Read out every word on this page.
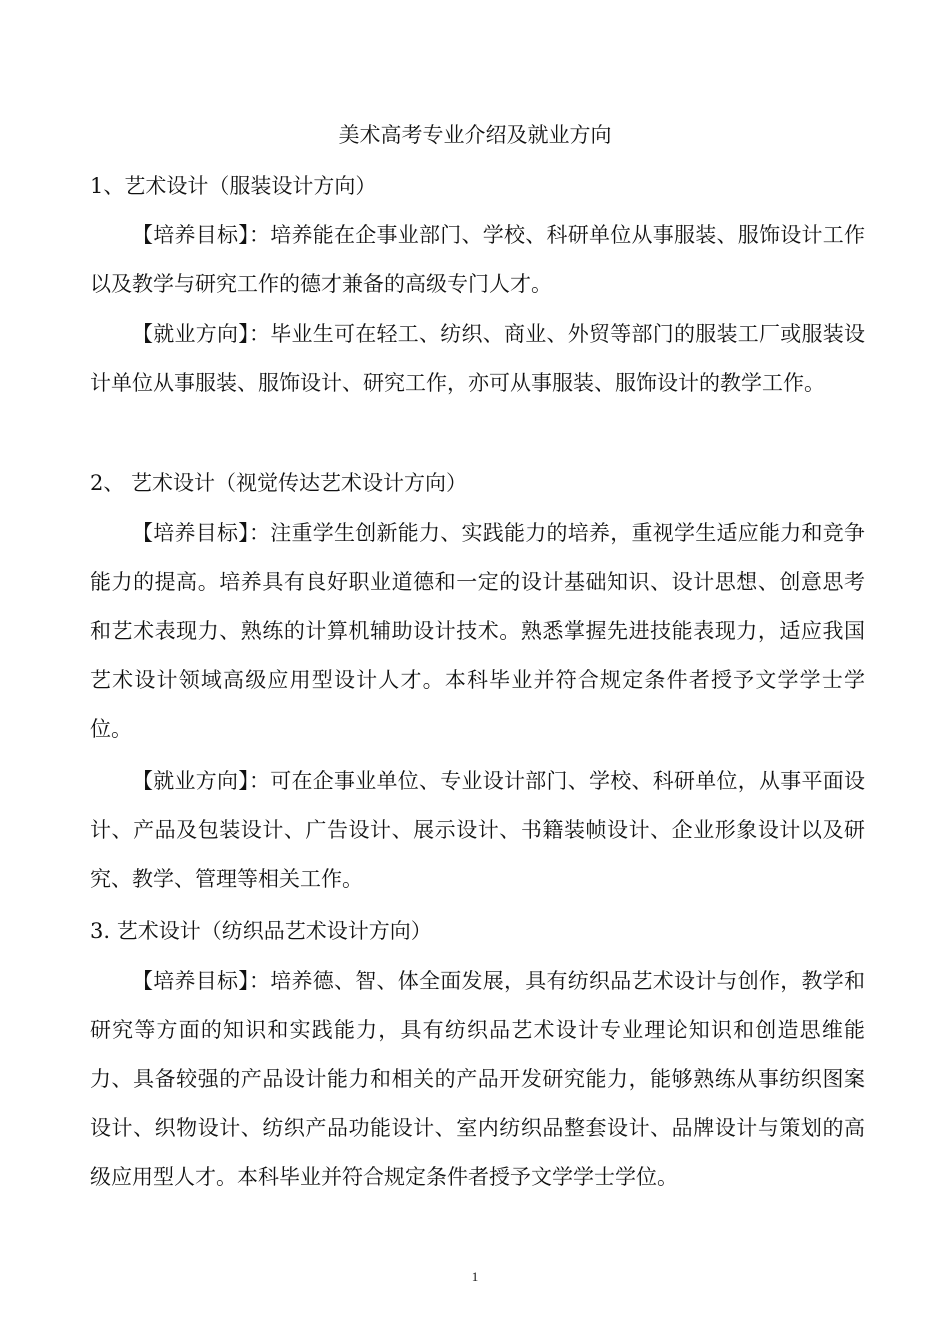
美术高考专业介绍及就业方向

1、艺术设计（服装设计方向）

【培养目标】：培养能在企事业部门、学校、科研单位从事服装、服饰设计工作以及教学与研究工作的德才兼备的高级专门人才。

【就业方向】：毕业生可在轻工、纺织、商业、外贸等部门的服装工厂或服装设计单位从事服装、服饰设计、研究工作，亦可从事服装、服饰设计的教学工作。

2、 艺术设计（视觉传达艺术设计方向）

【培养目标】：注重学生创新能力、实践能力的培养，重视学生适应能力和竞争能力的提高。培养具有良好职业道德和一定的设计基础知识、设计思想、创意思考和艺术表现力、熟练的计算机辅助设计技术。熟悉掌握先进技能表现力，适应我国艺术设计领域高级应用型设计人才。本科毕业并符合规定条件者授予文学学士学位。

【就业方向】：可在企事业单位、专业设计部门、学校、科研单位，从事平面设计、产品及包装设计、广告设计、展示设计、书籍装帧设计、企业形象设计以及研究、教学、管理等相关工作。

3. 艺术设计（纺织品艺术设计方向）

【培养目标】：培养德、智、体全面发展，具有纺织品艺术设计与创作，教学和研究等方面的知识和实践能力，具有纺织品艺术设计专业理论知识和创造思维能力、具备较强的产品设计能力和相关的产品开发研究能力，能够熟练从事纺织图案设计、织物设计、纺织产品功能设计、室内纺织品整套设计、品牌设计与策划的高级应用型人才。本科毕业并符合规定条件者授予文学学士学位。

1
